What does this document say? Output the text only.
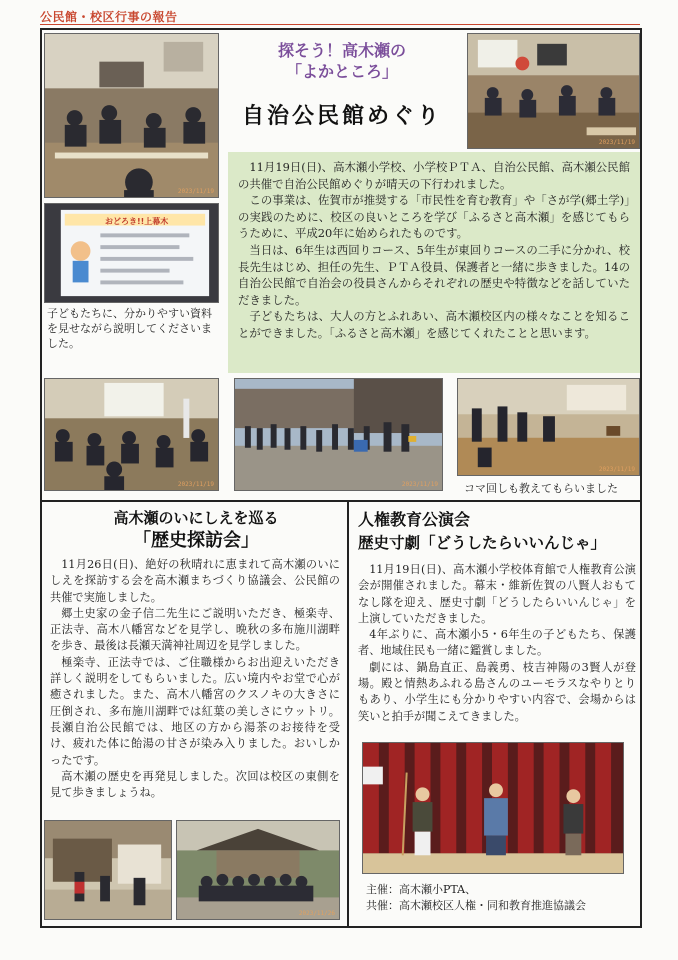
公民館・校区行事の報告
2023/11/19
探そう！高木瀬の
「よかところ」
自治公民館めぐり
2023/11/19
おどろき!!上幕木
子どもたちに、分かりやすい資料を見せながら説明してくださいました。

11月19日(日)、高木瀬小学校、小学校ＰＴＡ、自治公民館、高木瀬公民館の共催で自治公民館めぐりが晴天の下行われました。

この事業は、佐賀市が推奨する「市民性を育む教育」や「さが学(郷土学)」の実践のために、校区の良いところを学び「ふるさと高木瀬」を感じてもらうために、平成20年に始められたものです。

当日は、6年生は西回りコース、5年生が東回りコースの二手に分かれ、校長先生はじめ、担任の先生、ＰＴＡ役員、保護者と一緒に歩きました。14の自治公民館で自治会の役員さんからそれぞれの歴史や特徴などを話していただきました。

子どもたちは、大人の方とふれあい、高木瀬校区内の様々なことを知ることができました。「ふるさと高木瀬」を感じてくれたことと思います。

2023/11/19	2023/11/19
2023/11/19
コマ回しも教えてもらいました
高木瀬のいにしえを巡る
「歴史探訪会」

11月26日(日)、絶好の秋晴れに恵まれて高木瀬のいにしえを探訪する会を高木瀬まちづくり協議会、公民館の共催で実施しました。

郷土史家の金子信二先生にご説明いただき、極楽寺、正法寺、高木八幡宮などを見学し、晩秋の多布施川湖畔を歩き、最後は長瀬天満神社周辺を見学しました。

極楽寺、正法寺では、ご住職様からお出迎えいただき詳しく説明をしてもらいました。広い境内やお堂で心が癒されました。また、高木八幡宮のクスノキの大きさに圧倒され、多布施川湖畔では紅葉の美しさにウットリ。長瀬自治公民館では、地区の方から湯茶のお接待を受け、疲れた体に飴湯の甘さが染み入りました。おいしかったです。

高木瀬の歴史を再発見しました。次回は校区の東側を見て歩きましょうね。

2023/11/26
人権教育公演会
歴史寸劇「どうしたらいいんじゃ」

11月19日(日)、高木瀬小学校体育館で人権教育公演会が開催されました。幕末・維新佐賀の八賢人おもてなし隊を迎え、歴史寸劇「どうしたらいいんじゃ」を上演していただきました。

4年ぶりに、高木瀬小5・6年生の子どもたち、保護者、地域住民も一緒に鑑賞しました。

劇には、鍋島直正、島義勇、枝吉神陽の3賢人が登場。殿と情熱あふれる島さんのユーモラスなやりとりもあり、小学生にも分かりやすい内容で、会場からは笑いと拍手が聞こえてきました。

主催：高木瀬小PTA、
共催：高木瀬校区人権・同和教育推進協議会
